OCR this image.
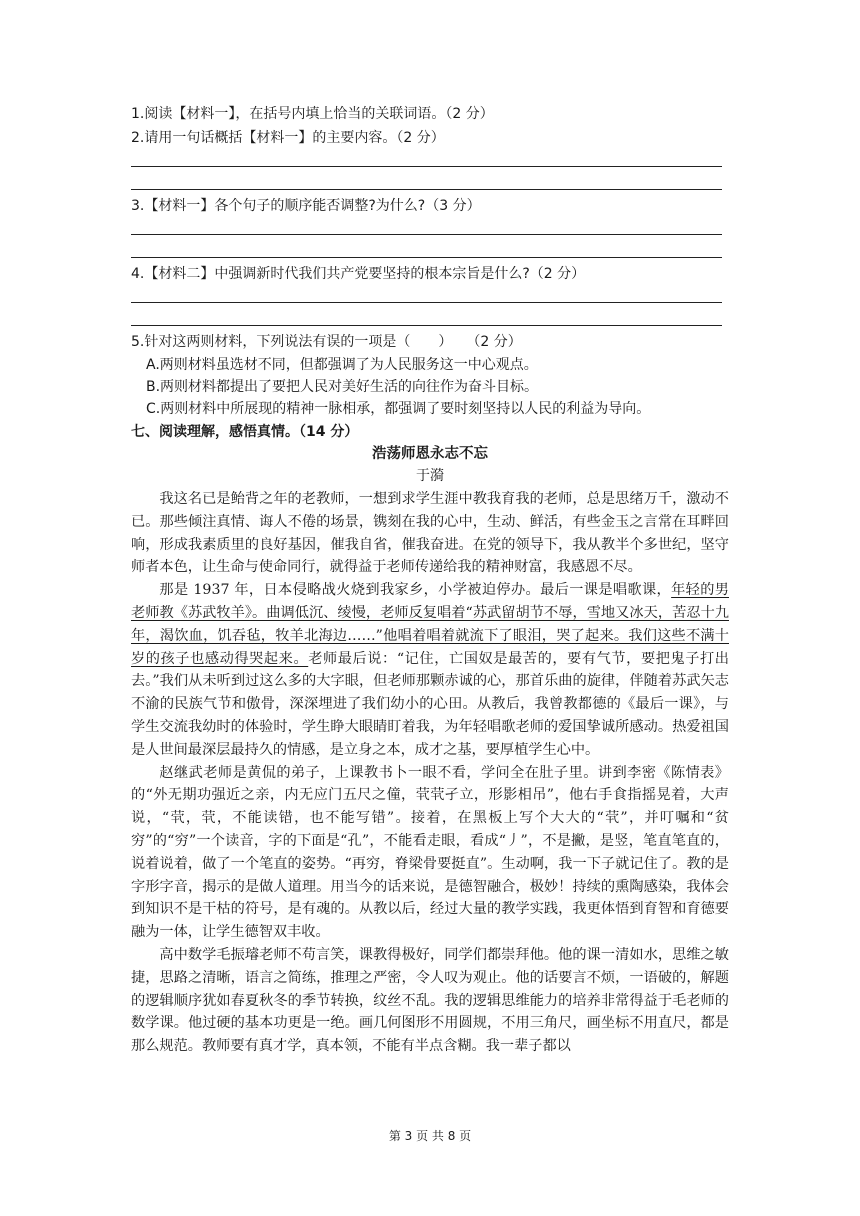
1.阅读【材料一】，在括号内填上恰当的关联词语。（2 分）
2.请用一句话概括【材料一】的主要内容。（2 分）
3.【材料一】各个句子的顺序能否调整?为什么?（3 分）
4.【材料二】中强调新时代我们共产党要坚持的根本宗旨是什么?（2 分）
5.针对这两则材料，下列说法有误的一项是（　　）　　（2 分）
A.两则材料虽选材不同，但都强调了为人民服务这一中心观点。
B.两则材料都提出了要把人民对美好生活的向往作为奋斗目标。
C.两则材料中所展现的精神一脉相承，都强调了要时刻坚持以人民的利益为导向。
七、阅读理解，感悟真情。（14 分）
浩荡师恩永志不忘
于漪

我这名已是鲐背之年的老教师，一想到求学生涯中教我育我的老师，总是思绪万千，激动不已。那些倾注真情、诲人不倦的场景，镌刻在我的心中，生动、鲜活，有些金玉之言常在耳畔回响，形成我素质里的良好基因，催我自省，催我奋进。在党的领导下，我从教半个多世纪，坚守师者本色，让生命与使命同行，就得益于老师传递给我的精神财富，我感恩不尽。

那是 1937 年，日本侵略战火烧到我家乡，小学被迫停办。最后一课是唱歌课，年轻的男老师教《苏武牧羊》。曲调低沉、绫慢，老师反复唱着“苏武留胡节不辱，雪地又冰天，苦忍十九年，渴饮血，饥吞毡，牧羊北海边……”他唱着唱着就流下了眼泪，哭了起来。我们这些不满十岁的孩子也感动得哭起来。老师最后说：“记住，亡国奴是最苦的，要有气节，要把鬼子打出去。”我们从未听到过这么多的大字眼，但老师那颗赤诚的心，那首乐曲的旋律，伴随着苏武矢志不渝的民族气节和傲骨，深深埋进了我们幼小的心田。从教后，我曾教都德的《最后一课》，与学生交流我幼时的体验时，学生睁大眼睛盯着我，为年轻唱歌老师的爱国挚诚所感动。热爱祖国是人世间最深层最持久的情感，是立身之本，成才之基，要厚植学生心中。

赵继武老师是黄侃的弟子，上课教书卜一眼不看，学问全在肚子里。讲到李密《陈情表》的“外无期功强近之亲，内无应门五尺之僮，茕茕孑立，形影相吊”，他右手食指摇晃着，大声说，“茕，茕，不能读错，也不能写错”。接着，在黑板上写个大大的“茕”，并叮嘱和“贫穷”的“穷”一个读音，字的下面是“孔”，不能看走眼，看成“丿”，不是撇，是竖，笔直笔直的，说着说着，做了一个笔直的姿势。“再穷，脊梁骨要挺直”。生动啊，我一下子就记住了。教的是字形字音，揭示的是做人道理。用当今的话来说，是德智融合，极妙！持续的熏陶感染，我体会到知识不是干枯的符号，是有魂的。从教以后，经过大量的教学实践，我更体悟到育智和育德要融为一体，让学生德智双丰收。

高中数学毛振璿老师不苟言笑，课教得极好，同学们都崇拜他。他的课一清如水，思维之敏捷，思路之清晰，语言之简练，推理之严密，令人叹为观止。他的话要言不烦，一语破的，解题的逻辑顺序犹如春夏秋冬的季节转换，纹丝不乱。我的逻辑思维能力的培养非常得益于毛老师的数学课。他过硬的基本功更是一绝。画几何图形不用圆规，不用三角尺，画坐标不用直尺，都是那么规范。教师要有真才学，真本领，不能有半点含糊。我一辈子都以

第 3 页 共 8 页
